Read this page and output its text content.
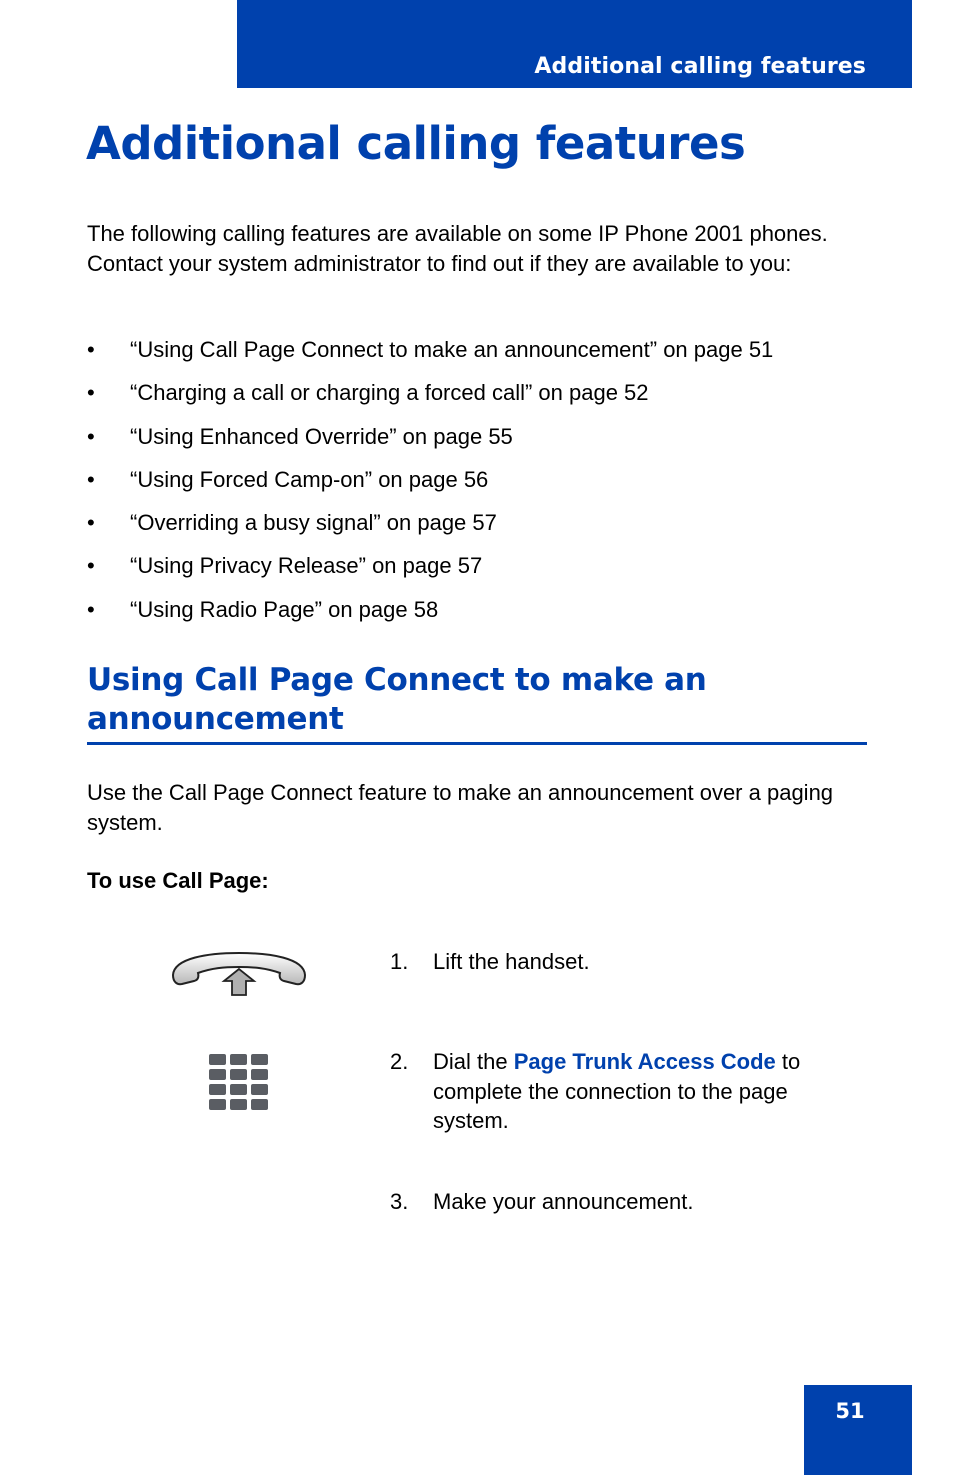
Additional calling features
Additional calling features

The following calling features are available on some IP Phone 2001 phones. Contact your system administrator to find out if they are available to you:

• “Using Call Page Connect to make an announcement” on page 51
• “Charging a call or charging a forced call” on page 52
• “Using Enhanced Override” on page 55
• “Using Forced Camp-on” on page 56
• “Overriding a busy signal” on page 57
• “Using Privacy Release” on page 57
• “Using Radio Page” on page 58
Using Call Page Connect to make an
announcement

Use the Call Page Connect feature to make an announcement over a paging system.

To use Call Page:

1. Lift the handset.
2. Dial the Page Trunk Access Code to complete the connection to the page system.
3. Make your announcement.
51
